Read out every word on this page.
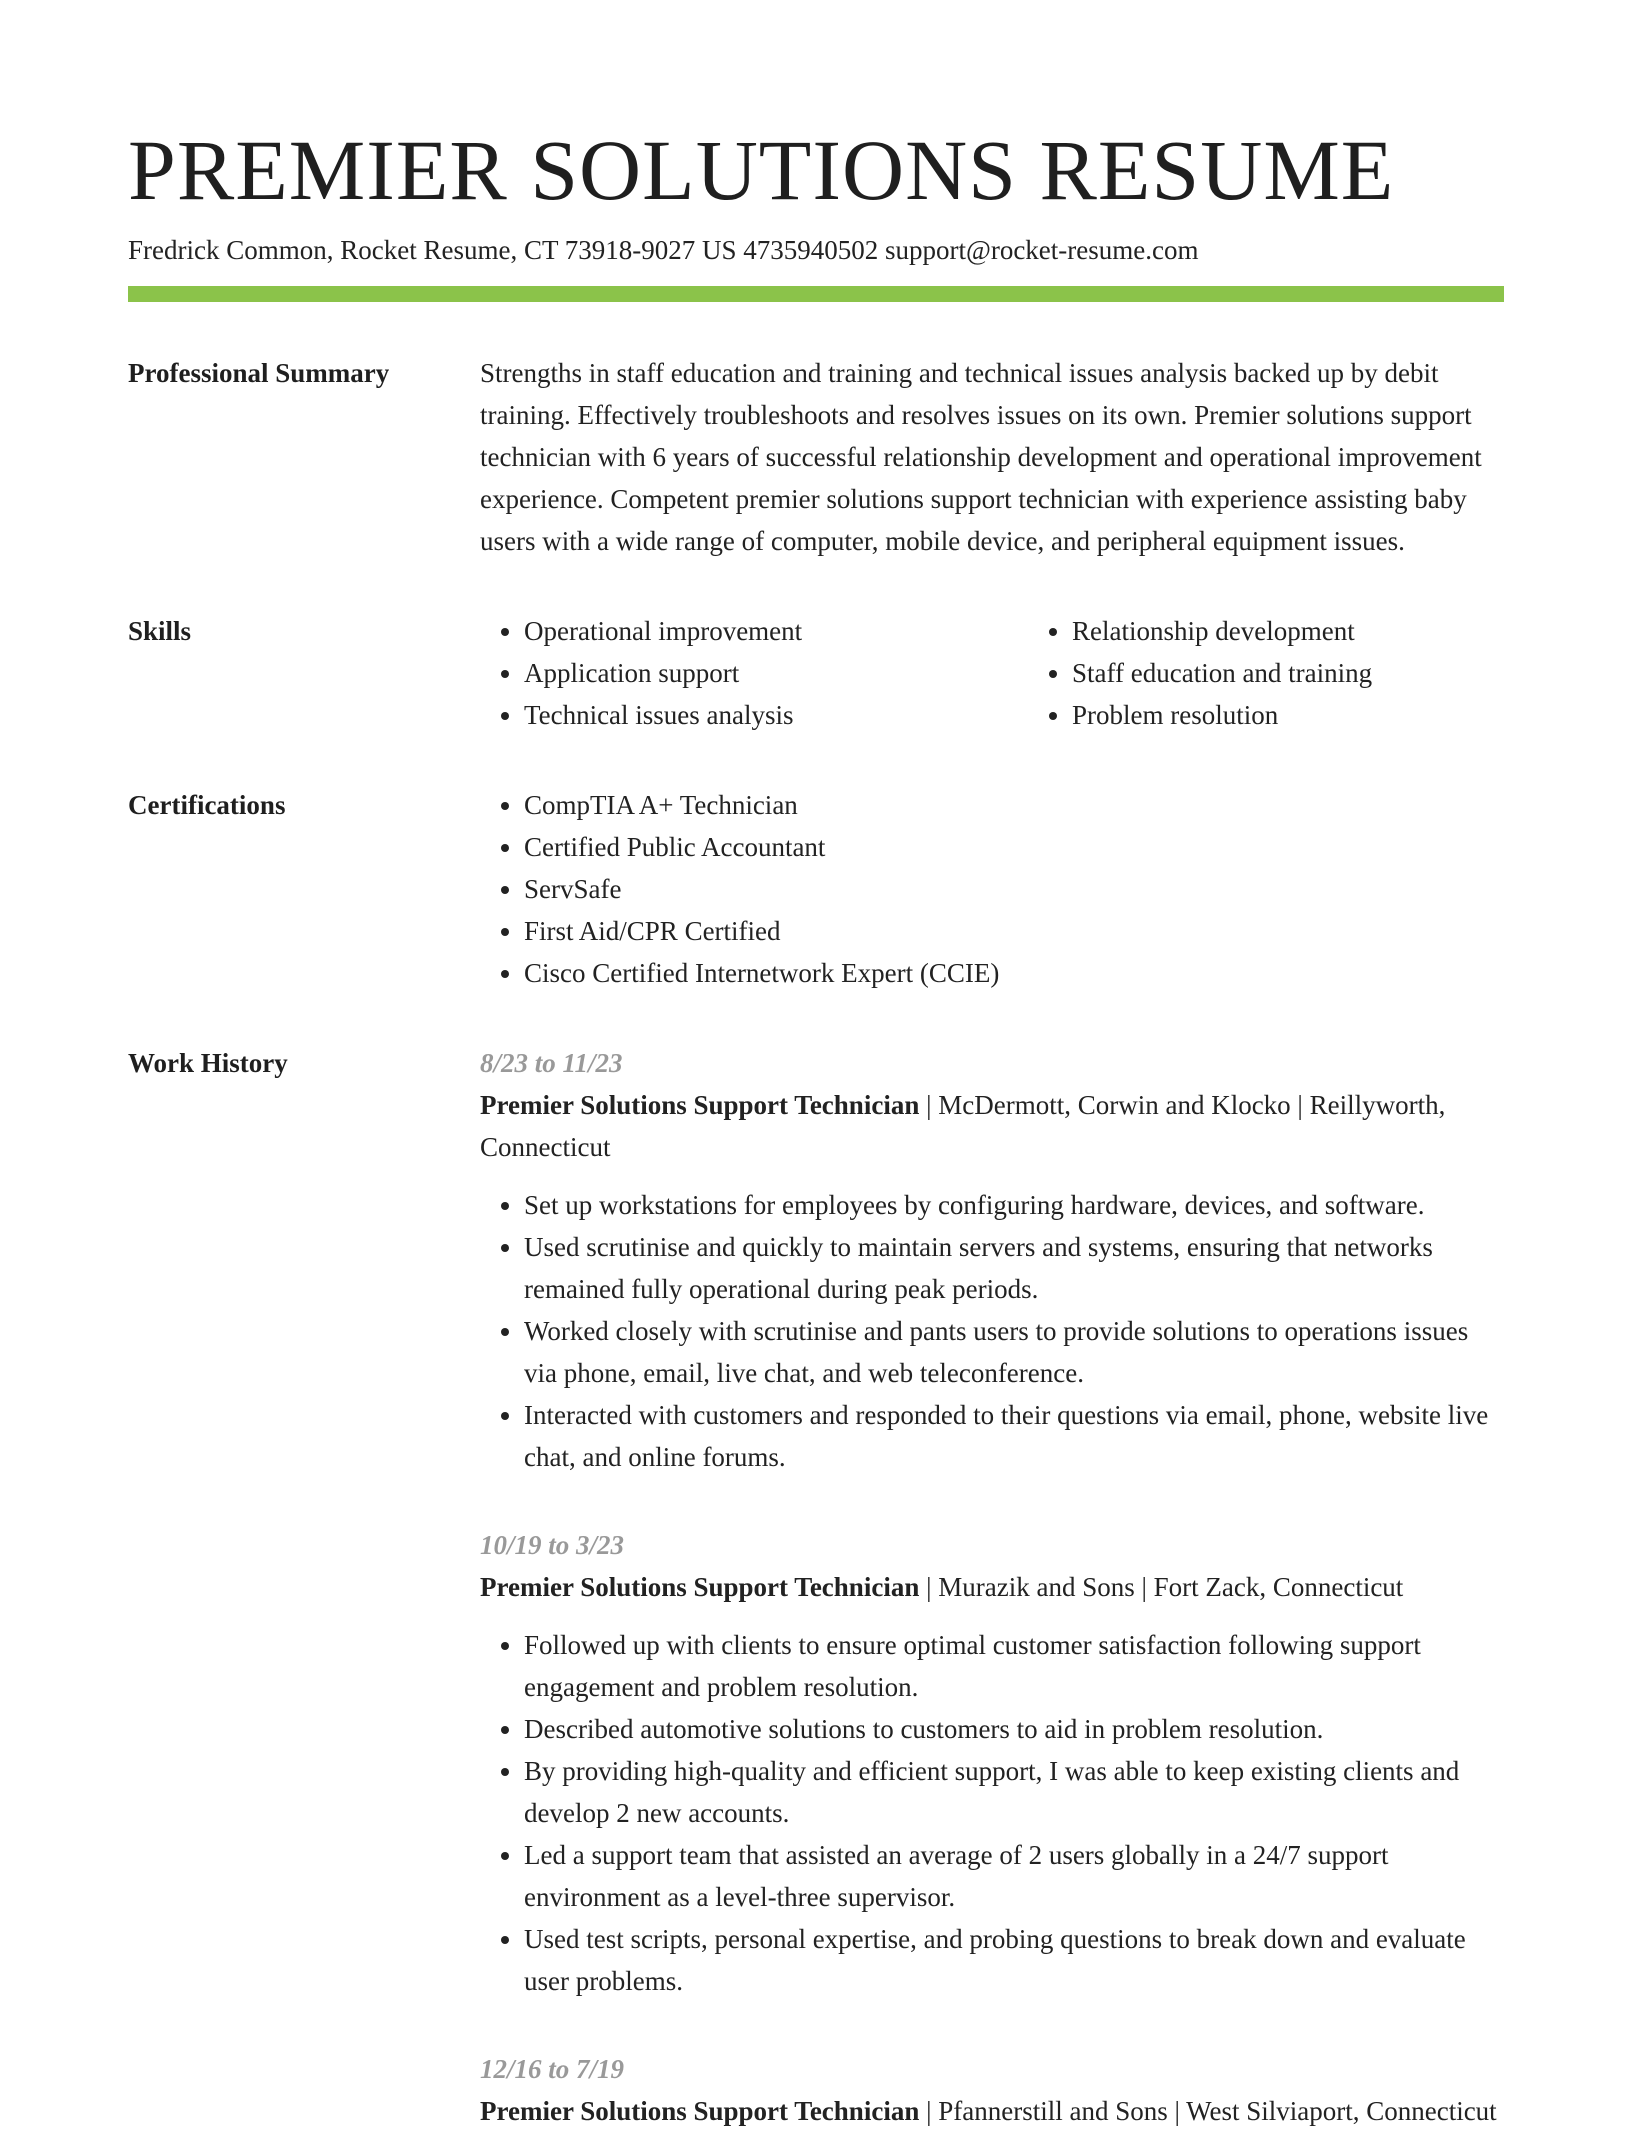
PREMIER SOLUTIONS RESUME
Fredrick Common, Rocket Resume, CT 73918-9027 US 4735940502 support@rocket-resume.com
Professional Summary	Strengths in staff education and training and technical issues analysis backed up by debit training. Effectively troubleshoots and resolves issues on its own. Premier solutions support technician with 6 years of successful relationship development and operational improvement experience. Competent premier solutions support technician with experience assisting baby users with a wide range of computer, mobile device, and peripheral equipment issues.

Skills	• Operational improvement
• Application support
• Technical issues analysis
• Relationship development
• Staff education and training
• Problem resolution
Certifications	• CompTIA A+ Technician
• Certified Public Accountant
• ServSafe
• First Aid/CPR Certified
• Cisco Certified Internetwork Expert (CCIE)
Work History	8/23 to 11/23

Premier Solutions Support Technician | McDermott, Corwin and Klocko | Reillyworth, Connecticut

• Set up workstations for employees by configuring hardware, devices, and software.
• Used scrutinise and quickly to maintain servers and systems, ensuring that networks remained fully operational during peak periods.
• Worked closely with scrutinise and pants users to provide solutions to operations issues via phone, email, live chat, and web teleconference.
• Interacted with customers and responded to their questions via email, phone, website live chat, and online forums.
10/19 to 3/23

Premier Solutions Support Technician | Murazik and Sons | Fort Zack, Connecticut

• Followed up with clients to ensure optimal customer satisfaction following support engagement and problem resolution.
• Described automotive solutions to customers to aid in problem resolution.
• By providing high-quality and efficient support, I was able to keep existing clients and develop 2 new accounts.
• Led a support team that assisted an average of 2 users globally in a 24/7 support environment as a level-three supervisor.
• Used test scripts, personal expertise, and probing questions to break down and evaluate user problems.
12/16 to 7/19

Premier Solutions Support Technician | Pfannerstill and Sons | West Silviaport, Connecticut
